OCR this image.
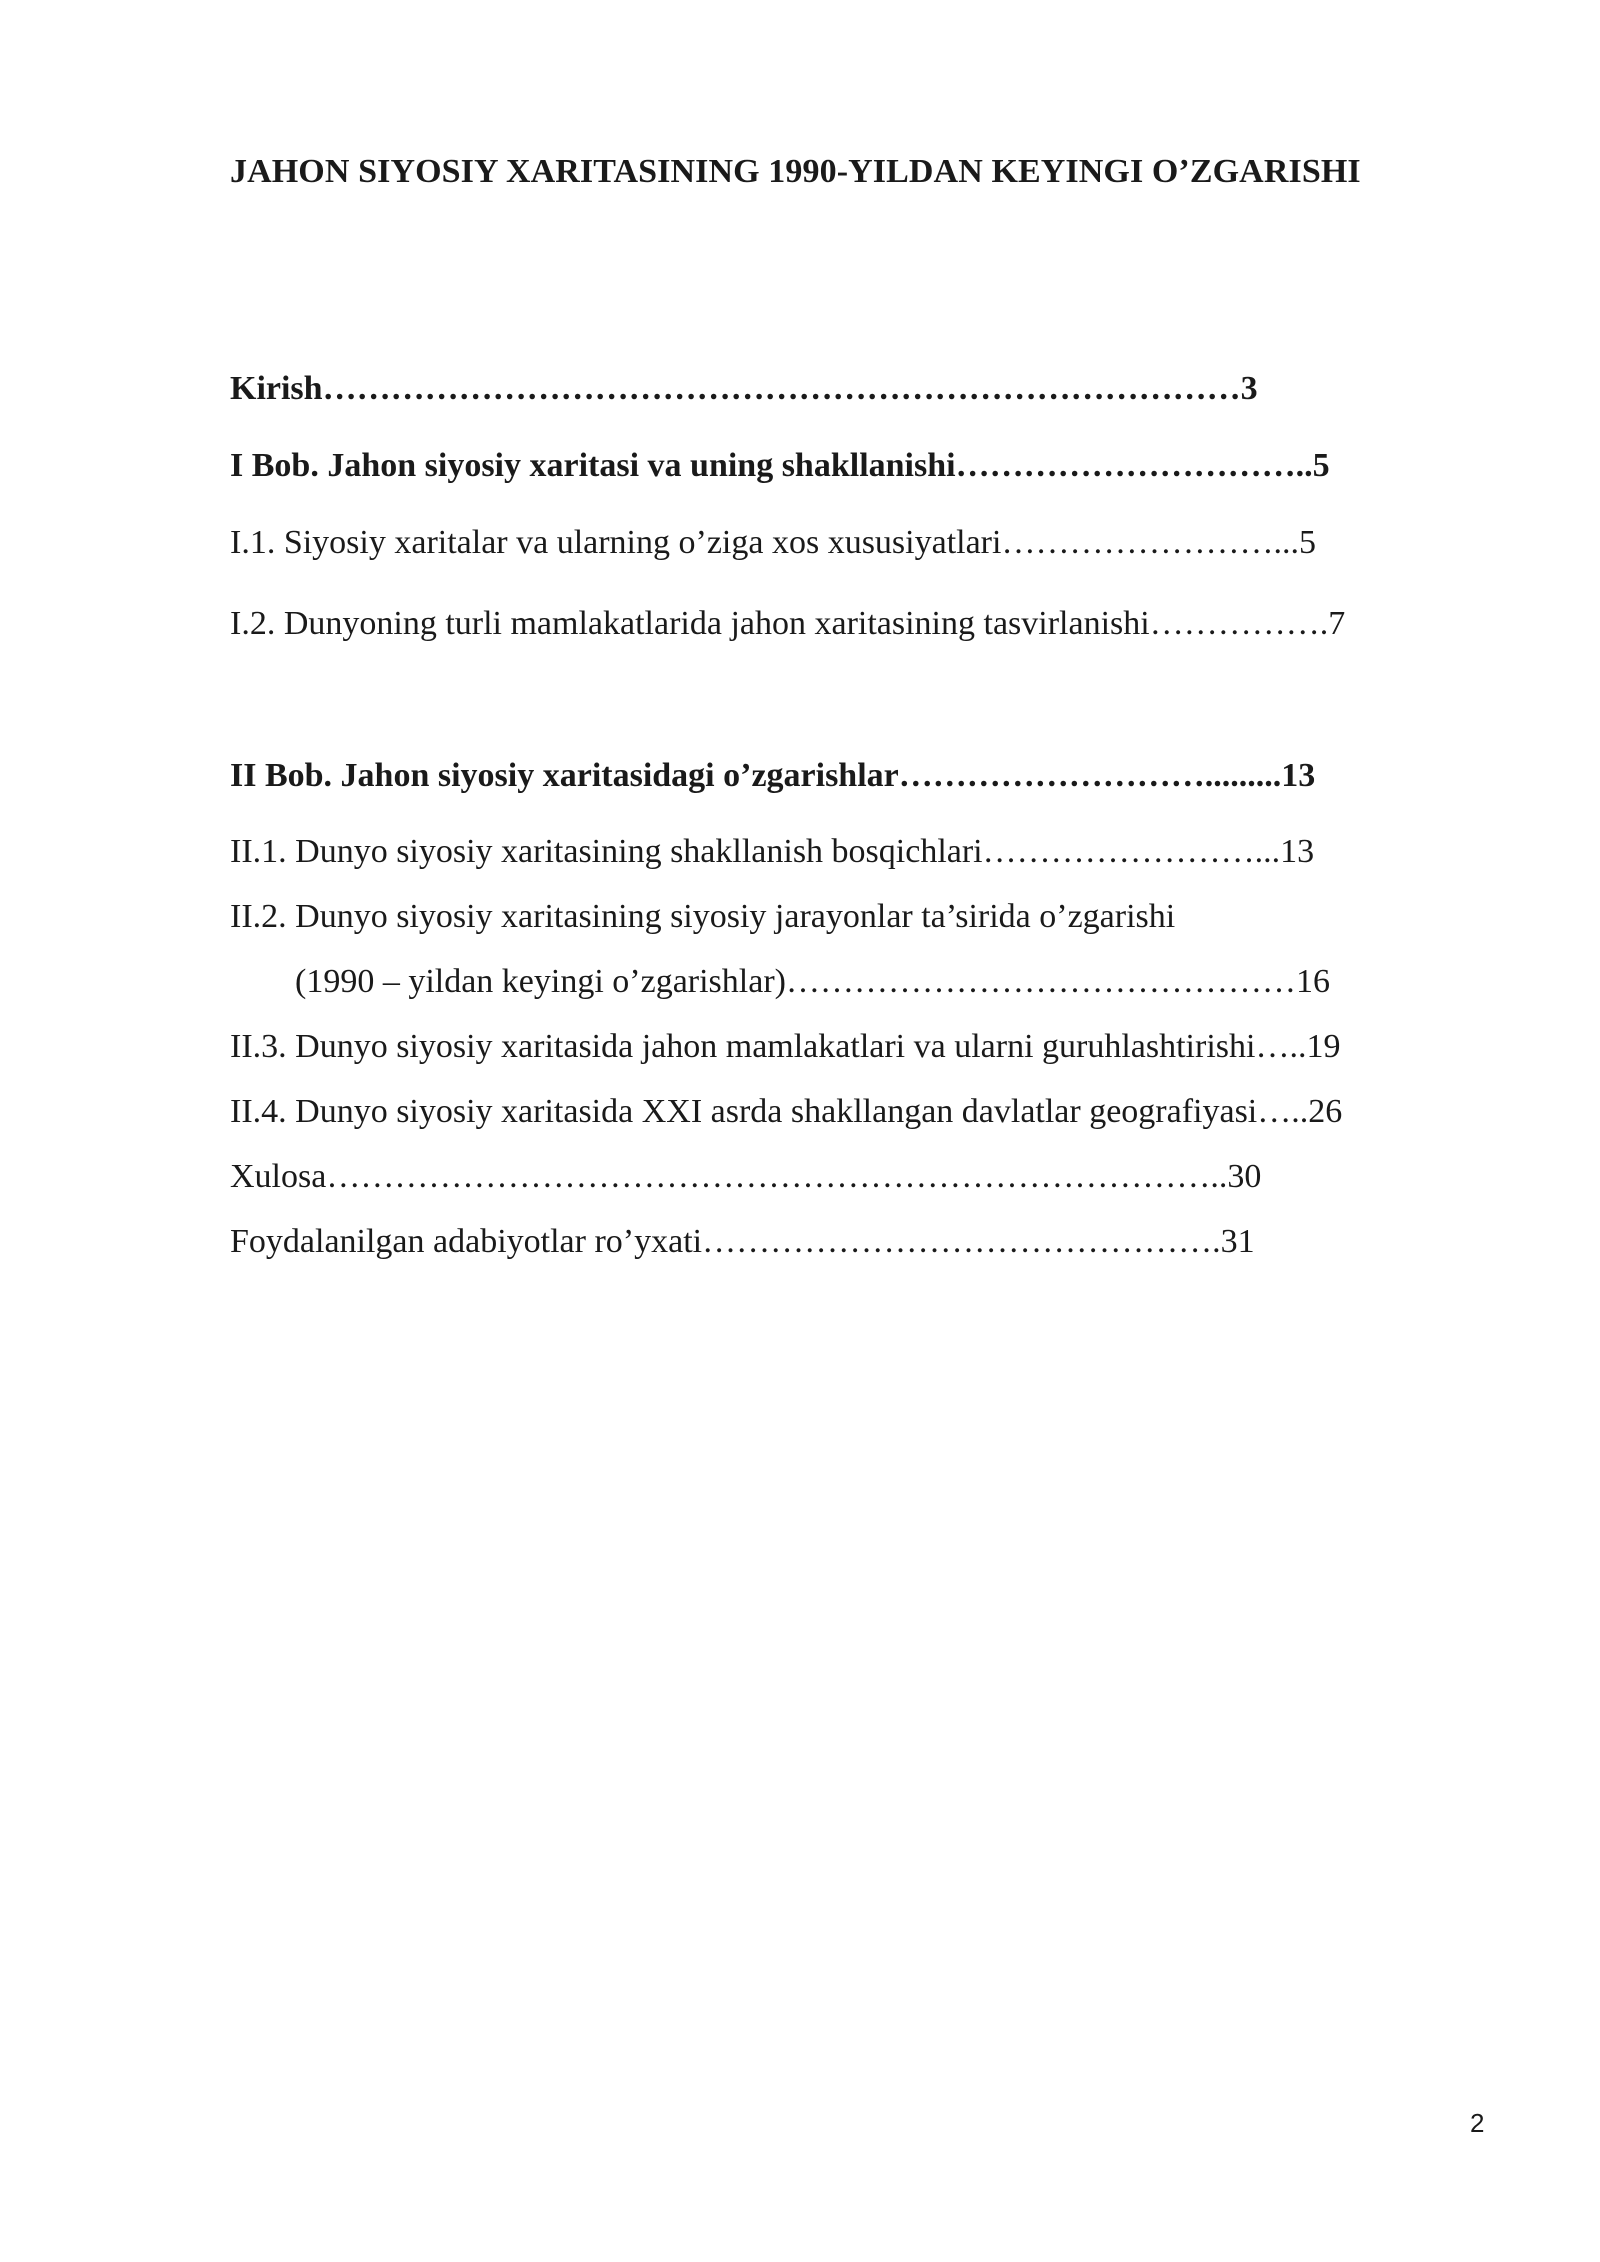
JAHON SIYOSIY XARITASINING 1990-YILDAN KEYINGI O’ZGARISHI
Kirish………………………………………………………………………3
I Bob. Jahon siyosiy xaritasi va uning shakllanishi…………………………..5
I.1. Siyosiy xaritalar va ularning o’ziga xos xususiyatlari……………………...5
I.2. Dunyoning turli mamlakatlarida jahon xaritasining tasvirlanishi…………….7
II Bob. Jahon siyosiy xaritasidagi o’zgarishlar……………………….........13
II.1. Dunyo siyosiy xaritasining shakllanish bosqichlari……………………...13
II.2. Dunyo siyosiy xaritasining siyosiy jarayonlar ta’sirida o’zgarishi
(1990 – yildan keyingi o’zgarishlar)………………………………………16
II.3. Dunyo siyosiy xaritasida jahon mamlakatlari va ularni guruhlashtirishi…..19
II.4. Dunyo siyosiy xaritasida XXI asrda shakllangan davlatlar geografiyasi…..26
Xulosa……………………………………………………………………..30
Foydalanilgan adabiyotlar ro’yxati……………………………………….31
2
